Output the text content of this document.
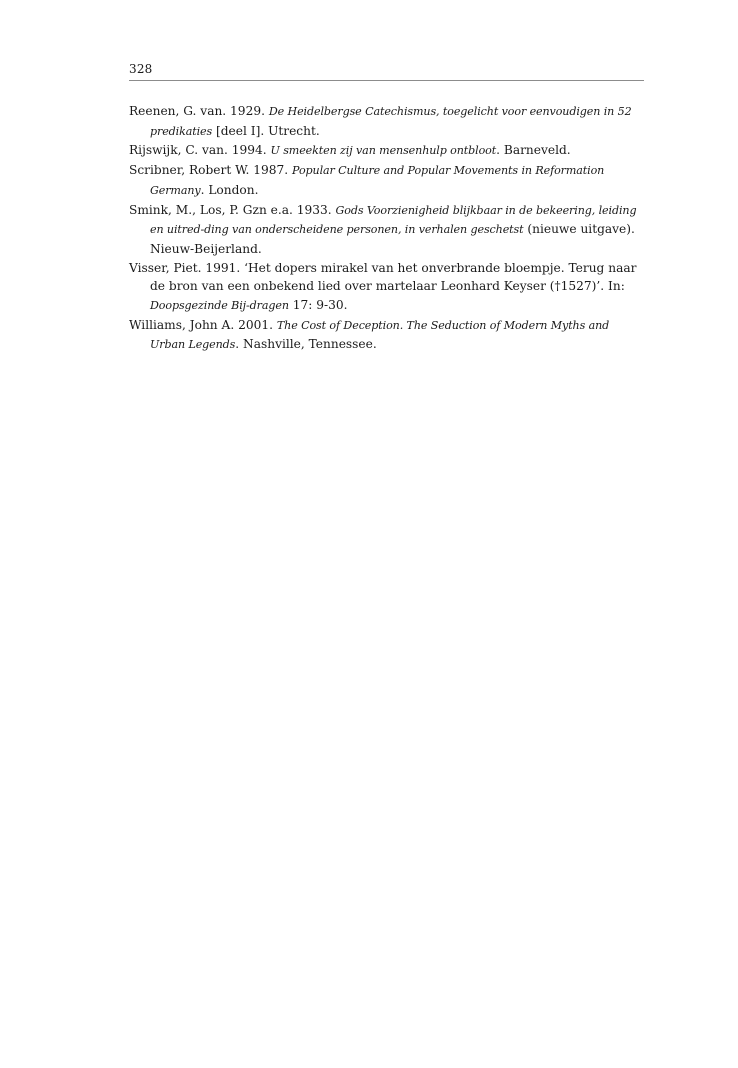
328

Reenen, G. van. 1929. De Heidelbergse Catechismus, toegelicht voor eenvoudigen in 52 predikaties [deel I]. Utrecht.

Rijswijk, C. van. 1994. U smeekten zij van mensenhulp ontbloot. Barneveld.

Scribner, Robert W. 1987. Popular Culture and Popular Movements in Reformation Germany. London.

Smink, M., Los, P. Gzn e.a. 1933. Gods Voorzienigheid blijkbaar in de bekeering, leiding en uitred-ding van onderscheidene personen, in verhalen geschetst (nieuwe uitgave). Nieuw-Beijerland.

Visser, Piet. 1991. ‘Het dopers mirakel van het onverbrande bloempje. Terug naar de bron van een onbekend lied over martelaar Leonhard Keyser (†1527)’. In: Doopsgezinde Bij-dragen 17: 9-30.

Williams, John A. 2001. The Cost of Deception. The Seduction of Modern Myths and Urban Legends. Nashville, Tennessee.
